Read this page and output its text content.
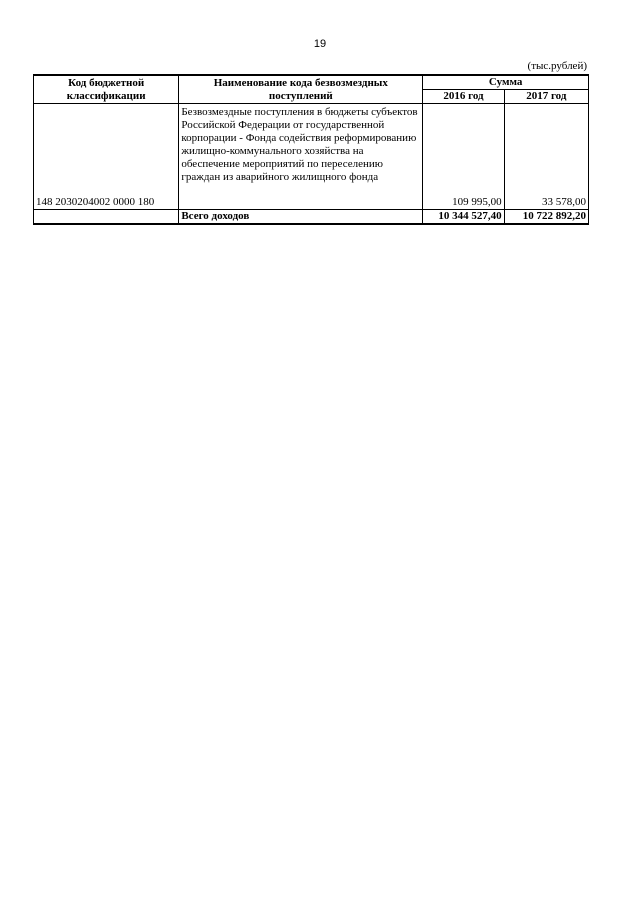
19
(тыс.рублей)
Код бюджетной классификации	Наименование кода безвозмездных поступлений	Сумма	
		2016 год	2017 год
148 2030204002 0000 180	Безвозмездные поступления в бюджеты субъектов Российской Федерации от государственной корпорации - Фонда содействия реформированию жилищно-коммунального хозяйства на обеспечение мероприятий по переселению граждан из аварийного жилищного фонда	109 995,00	33 578,00
	Всего доходов	10 344 527,40	10 722 892,20
